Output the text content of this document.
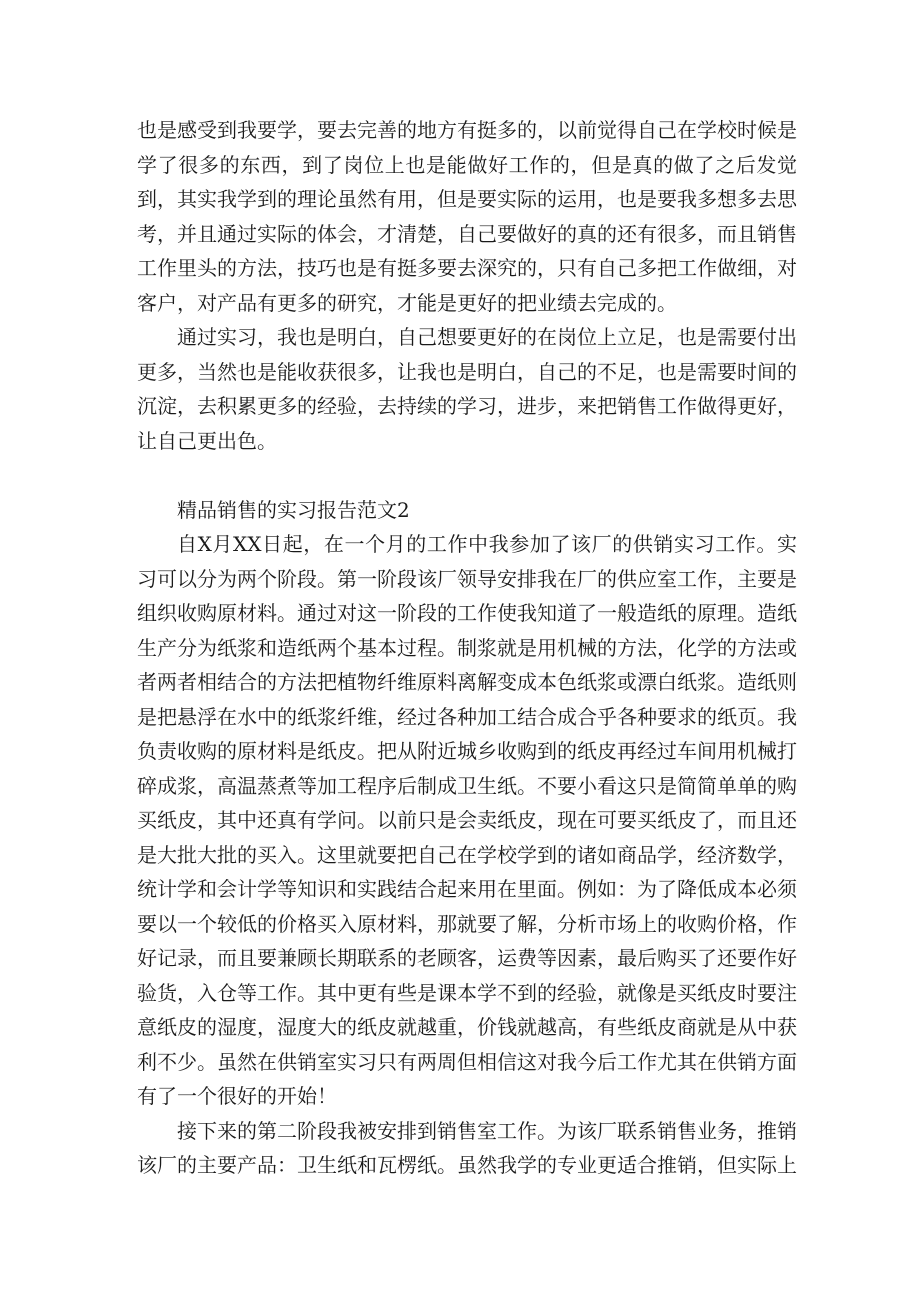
也是感受到我要学，要去完善的地方有挺多的，以前觉得自己在学校时候是学了很多的东西，到了岗位上也是能做好工作的，但是真的做了之后发觉到，其实我学到的理论虽然有用，但是要实际的运用，也是要我多想多去思考，并且通过实际的体会，才清楚，自己要做好的真的还有很多，而且销售工作里头的方法，技巧也是有挺多要去深究的，只有自己多把工作做细，对客户，对产品有更多的研究，才能是更好的把业绩去完成的。

通过实习，我也是明白，自己想要更好的在岗位上立足，也是需要付出更多，当然也是能收获很多，让我也是明白，自己的不足，也是需要时间的沉淀，去积累更多的经验，去持续的学习，进步，来把销售工作做得更好，让自己更出色。

精品销售的实习报告范文2

自X月XX日起，在一个月的工作中我参加了该厂的供销实习工作。实习可以分为两个阶段。第一阶段该厂领导安排我在厂的供应室工作，主要是组织收购原材料。通过对这一阶段的工作使我知道了一般造纸的原理。造纸生产分为纸浆和造纸两个基本过程。制浆就是用机械的方法，化学的方法或者两者相结合的方法把植物纤维原料离解变成本色纸浆或漂白纸浆。造纸则是把悬浮在水中的纸浆纤维，经过各种加工结合成合乎各种要求的纸页。我负责收购的原材料是纸皮。把从附近城乡收购到的纸皮再经过车间用机械打碎成浆，高温蒸煮等加工程序后制成卫生纸。不要小看这只是简简单单的购买纸皮，其中还真有学问。以前只是会卖纸皮，现在可要买纸皮了，而且还是大批大批的买入。这里就要把自己在学校学到的诸如商品学，经济数学，统计学和会计学等知识和实践结合起来用在里面。例如：为了降低成本必须要以一个较低的价格买入原材料，那就要了解，分析市场上的收购价格，作好记录，而且要兼顾长期联系的老顾客，运费等因素，最后购买了还要作好验货，入仓等工作。其中更有些是课本学不到的经验，就像是买纸皮时要注意纸皮的湿度，湿度大的纸皮就越重，价钱就越高，有些纸皮商就是从中获利不少。虽然在供销室实习只有两周但相信这对我今后工作尤其在供销方面有了一个很好的开始！

接下来的第二阶段我被安排到销售室工作。为该厂联系销售业务，推销该厂的主要产品：卫生纸和瓦楞纸。虽然我学的专业更适合推销，但实际上
